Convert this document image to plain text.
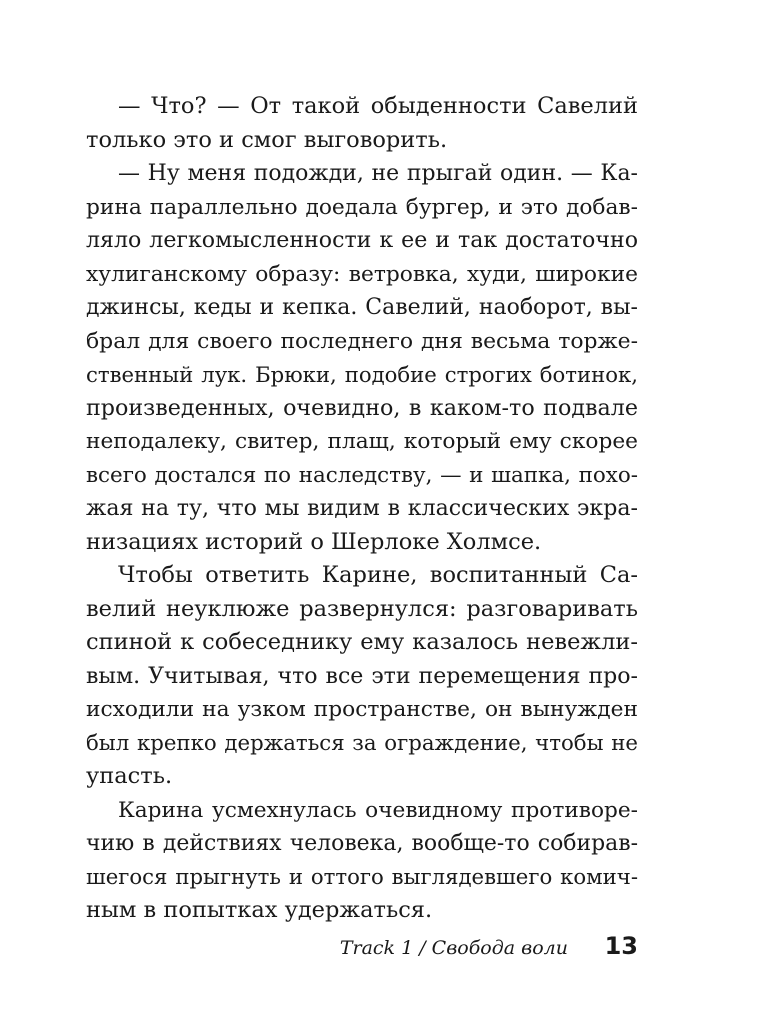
— Что? — От такой обыденности Савелий
только это и смог выговорить.
— Ну меня подожди, не прыгай один. — Ка-
рина параллельно доедала бургер, и это добав-
ляло легкомысленности к ее и так достаточно
хулиганскому образу: ветровка, худи, широкие
джинсы, кеды и кепка. Савелий, наоборот, вы-
брал для своего последнего дня весьма торже-
ственный лук. Брюки, подобие строгих ботинок,
произведенных, очевидно, в каком-то подвале
неподалеку, свитер, плащ, который ему скорее
всего достался по наследству, — и шапка, похо-
жая на ту, что мы видим в классических экра-
низациях историй о Шерлоке Холмсе.
Чтобы ответить Карине, воспитанный Са-
велий неуклюже развернулся: разговаривать
спиной к собеседнику ему казалось невежли-
вым. Учитывая, что все эти перемещения про-
исходили на узком пространстве, он вынужден
был крепко держаться за ограждение, чтобы не
упасть.
Карина усмехнулась очевидному противоре-
чию в действиях человека, вообще-то собирав-
шегося прыгнуть и оттого выглядевшего комич-
ным в попытках удержаться.
Track 1 / Свобода воли 13
